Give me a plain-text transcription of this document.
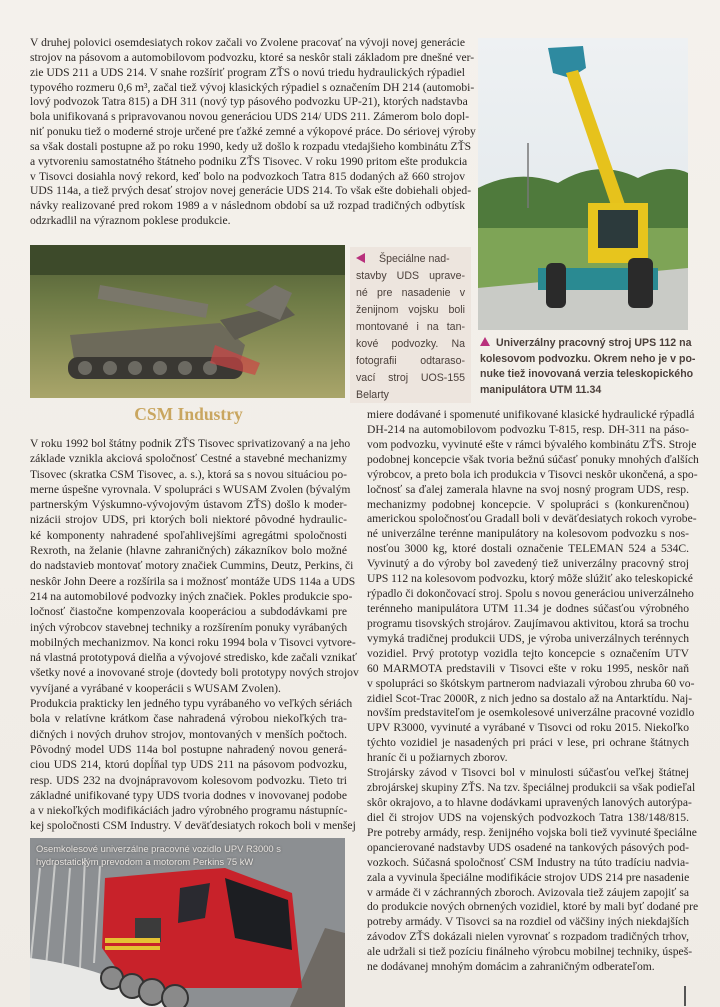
V druhej polovici osemdesiatych rokov začali vo Zvolene pracovať na vývoji novej generácie
strojov na pásovom a automobilovom podvozku, ktoré sa neskôr stali základom pre dnešné ver-
zie UDS 211 a UDS 214. V snahe rozšíriť program ZŤS o novú triedu hydraulických rýpadiel
typového rozmeru 0,6 m³, začal tiež vývoj klasických rýpadiel s označením DH 214 (automobi-
lový podvozok Tatra 815) a DH 311 (nový typ pásového podvozku UP-21), ktorých nadstavba
bola unifikovaná s pripravovanou novou generáciou UDS 214/ UDS 211. Zámerom bolo dopl-
niť ponuku tiež o moderné stroje určené pre ťažké zemné a výkopové práce. Do sériovej výroby
sa však dostali postupne až po roku 1990, kedy už došlo k rozpadu vtedajšieho kombinátu ZŤS
a vytvoreniu samostatného štátneho podniku ZŤS Tisovec. V roku 1990 pritom ešte produkcia
v Tisovci dosiahla nový rekord, keď bolo na podvozkoch Tatra 815 dodaných až 660 strojov
UDS 114a, a tiež prvých desať strojov novej generácie UDS 214. To však ešte dobiehali objed-
návky realizované pred rokom 1989 a v následnom období sa už rozpad tradičných odbytísk
odzrkadlil na výraznom poklese produkcie.
Špeciálne nad-
stavby UDS uprave-
né pre nasadenie v
ženijnom vojsku boli
montované i na tan-
kové podvozky. Na
fotografii odtaraso-
vací stroj UOS-155
Belarty
Univerzálny pracovný stroj UPS 112 na
kolesovom podvozku. Okrem neho je v po-
nuke tiež inovovaná verzia teleskopického
manipulátora UTM 11.34
CSM Industry
V roku 1992 bol štátny podnik ZŤS Tisovec sprivatizovaný a na jeho
základe vznikla akciová spoločnosť Cestné a stavebné mechanizmy
Tisovec (skratka CSM Tisovec, a. s.), ktorá sa s novou situáciou po-
merne úspešne vyrovnala. V spolupráci s WUSAM Zvolen (bývalým
partnerským Výskumno-vývojovým ústavom ZŤS) došlo k moder-
nizácii strojov UDS, pri ktorých boli niektoré pôvodné hydraulic-
ké komponenty nahradené spoľahlivejšími agregátmi spoločnosti
Rexroth, na želanie (hlavne zahraničných) zákazníkov bolo možné
do nadstavieb montovať motory značiek Cummins, Deutz, Perkins, či
neskôr John Deere a rozšírila sa i možnosť montáže UDS 114a a UDS
214 na automobilové podvozky iných značiek. Pokles produkcie spo-
ločnosť čiastočne kompenzovala kooperáciou a subdodávkami pre
iných výrobcov stavebnej techniky a rozšírením ponuky vyrábaných
mobilných mechanizmov. Na konci roku 1994 bola v Tisovci vytvore-
ná vlastná prototypová dielňa a vývojové stredisko, kde začali vznikať
všetky nové a inovované stroje (dovtedy boli prototypy nových strojov
vyvíjané a vyrábané v kooperácii s WUSAM Zvolen).
Produkcia prakticky len jedného typu vyrábaného vo veľkých sériách
bola v relatívne krátkom čase nahradená výrobou niekoľkých tra-
dičných i nových druhov strojov, montovaných v menších počtoch.
Pôvodný model UDS 114a bol postupne nahradený novou generá-
ciou UDS 214, ktorú dopĺňal typ UDS 211 na pásovom podvozku,
resp. UDS 232 na dvojnápravovom kolesovom podvozku. Tieto tri
základné unifikované typy UDS tvoria dodnes v inovovanej podobe
a v niekoľkých modifikáciách jadro výrobného programu nástupníc-
kej spoločnosti CSM Industry. V deväťdesiatych rokoch boli v menšej
miere dodávané i spomenuté unifikované klasické hydraulické rýpadlá
DH-214 na automobilovom podvozku T-815, resp. DH-311 na páso-
vom podvozku, vyvinuté ešte v rámci bývalého kombinátu ZŤS. Stroje
podobnej koncepcie však tvoria bežnú súčasť ponuky mnohých ďalších
výrobcov, a preto bola ich produkcia v Tisovci neskôr ukončená, a spo-
ločnosť sa ďalej zamerala hlavne na svoj nosný program UDS, resp.
mechanizmy podobnej koncepcie. V spolupráci s (konkurenčnou)
americkou spoločnosťou Gradall boli v deväťdesiatych rokoch vyrobe-
né univerzálne terénne manipulátory na kolesovom podvozku s nos-
nosťou 3000 kg, ktoré dostali označenie TELEMAN 524 a 534C.
Vyvinutý a do výroby bol zavedený tiež univerzálny pracovný stroj
UPS 112 na kolesovom podvozku, ktorý môže slúžiť ako teleskopické
rýpadlo či dokončovací stroj. Spolu s novou generáciou univerzálneho
terénneho manipulátora UTM 11.34 je dodnes súčasťou výrobného
programu tisovských strojárov. Zaujímavou aktivitou, ktorá sa trochu
vymyká tradičnej produkcii UDS, je výroba univerzálnych terénnych
vozidiel. Prvý prototyp vozidla tejto koncepcie s označením UTV
60 MARMOTA predstavili v Tisovci ešte v roku 1995, neskôr naň
v spolupráci so škótskym partnerom nadviazali výrobou zhruba 60 vo-
zidiel Scot-Trac 2000R, z nich jedno sa dostalo až na Antarktídu. Naj-
novším predstaviteľom je osemkolesové univerzálne pracovné vozidlo
UPV R3000, vyvinuté a vyrábané v Tisovci od roku 2015. Niekoľko
týchto vozidiel je nasadených pri práci v lese, pri ochrane štátnych
hraníc či u požiarnych zborov.
Strojársky závod v Tisovci bol v minulosti súčasťou veľkej štátnej
zbrojárskej skupiny ZŤS. Na tzv. špeciálnej produkcii sa však podieľal
skôr okrajovo, a to hlavne dodávkami upravených lanových autorýpa-
diel či strojov UDS na vojenských podvozkoch Tatra 138/148/815.
Pre potreby armády, resp. ženijného vojska boli tiež vyvinuté špeciálne
opancierované nadstavby UDS osadené na tankových pásových pod-
vozkoch. Súčasná spoločnosť CSM Industry na túto tradíciu nadvia-
zala a vyvinula špeciálne modifikácie strojov UDS 214 pre nasadenie
v armáde či v záchranných zboroch. Avizovala tiež záujem zapojiť sa
do produkcie nových obrnených vozidiel, ktoré by mali byť dodané pre
potreby armády. V Tisovci sa na rozdiel od väčšiny iných niekdajších
závodov ZŤS dokázali nielen vyrovnať s rozpadom tradičných trhov,
ale udržali si tiež pozíciu finálneho výrobcu mobilnej techniky, úspeš-
ne dodávanej mnohým domácim a zahraničným odberateľom.
Osemkolesové univerzálne pracovné vozidlo UPV R3000 s hydrostatickým prevodom a motorom Perkins 75 kW
